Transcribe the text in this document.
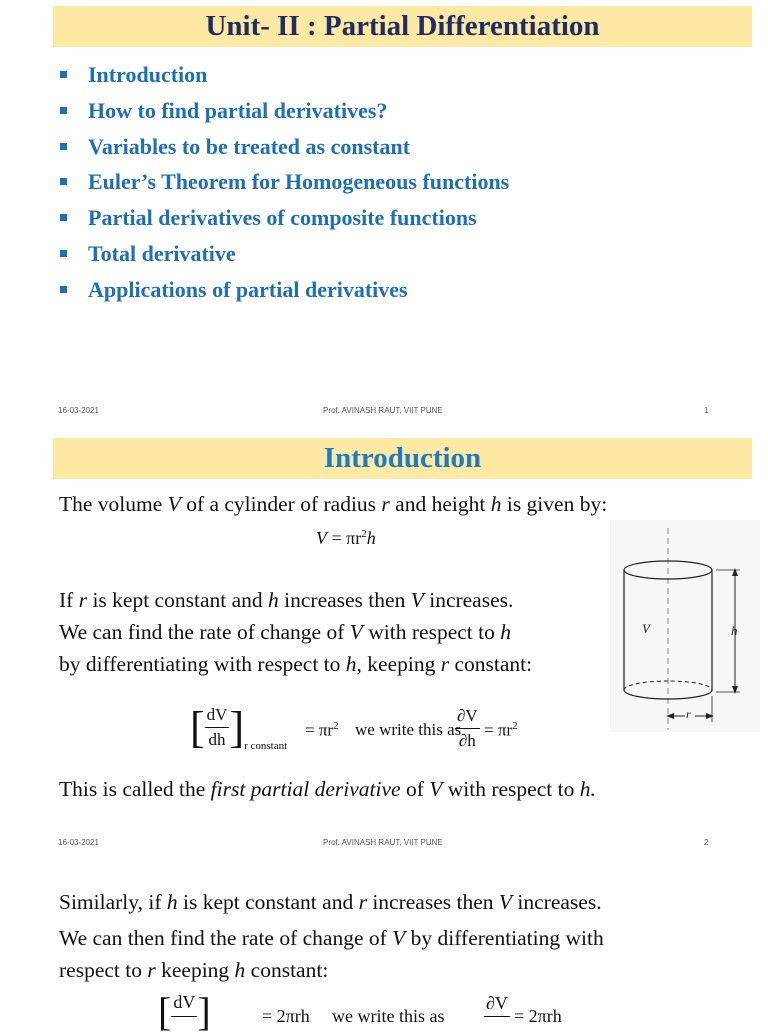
Unit- II : Partial Differentiation
Introduction
How to find partial derivatives?
Variables to be treated as constant
Euler’s Theorem for Homogeneous functions
Partial derivatives of composite functions
Total derivative
Applications of partial derivatives
16-03-2021	Prof. AVINASH RAUT, VIIT PUNE	1
Introduction
The volume V of a cylinder of radius r and height h is given by:
$V = \pi r^2h$
If r is kept constant and h increases then V increases.
We can find the rate of change of V with respect to h
by differentiating with respect to h, keeping r constant:
[ $\frac{dV}{dh} ]_{r constant}$
= $\pi r^2$ we write this as
$\frac{\partial V}{\partial h} = \pi r^2$
This is called the first partial derivative of V with respect to h.
V	h
r
16-03-2021	Prof. AVINASH RAUT, VIIT PUNE	2
Similarly, if h is kept constant and r increases then V increases.
We can then find the rate of change of V by differentiating with
respect to r keeping h constant:
[ dV]	= 2πrh we write this as
∂V
= 2πrh
